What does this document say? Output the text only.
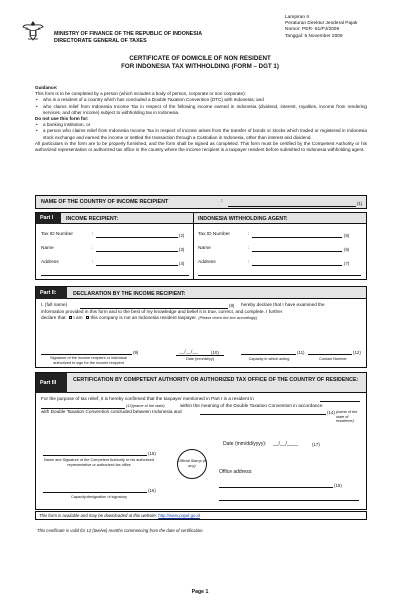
MINISTRY OF FINANCE OF THE REPUBLIC OF INDONESIA
DIRECTORATE GENERAL OF TAXES
Lampiran II
Peraturan Direktur Jenderal Pajak
Nomor: PER- 61/PJ/2009
Tanggal: 5 November 2009
CERTIFICATE OF DOMICILE OF NON RESIDENT
FOR INDONESIA TAX WITHHOLDING (FORM – DGT 1)
Guidance:

This form is to be completed by a person (which includes a body of person, corporate or non corporate):

• who is a resident of a country which has concluded a Double Taxation Convention (DTC) with Indonesia; and
• who claims relief from Indonesia Income Tax in respect of the following income earned in Indonesia (dividend, interest, royalties, income from rendering services, and other income) subject to withholding tax in Indonesia.
Do not use this form for:
• a banking institution, or
• a person who claims relief from Indonesia Income Tax in respect of income arises from the transfer of bonds or stocks which traded or registered in Indonesia stock exchange and earned the income or settled the transaction through a Custodian in Indonesia, other than interest and dividend.

All particulars in the form are to be properly furnished, and the form shall be signed as completed. This form must be certified by the Competent Authority or his authorized representative or authorized tax office in the country where the income recipient is a taxpayer resident before submitted to Indonesia withholding agent.

NAME OF THE COUNTRY OF INCOME RECIPIENT	:	(1)
Part I	INCOME RECIPIENT:	INDONESIA WITHHOLDING AGENT:
Tax ID Number	:	(2)
Name	:	(3)
Address	:	(4)
Tax ID Number	:	(5)
Name	:	(6)
Address	:	(7)
Part II:	DECLARATION BY THE INCOME RECIPIENT:
I, (full name)	(8) hereby declare that I have examined the
information provided in this form and to the best of my knowledge and belief it is true, correct, and complete. I further
declare that I am this company is not an Indonesia resident taxpayer. (Please check the box accordingly)
(9)
Signature of the income recipient or individual authorized to sign for the income recipient
__/__/__	(10)
Date (mm/dd/yy)
(11)
Capacity in which acting
(12)
Contact Number
Part III	CERTIFICATION BY COMPETENT AUTHORITY OR AUTHORIZED TAX OFFICE OF THE COUNTRY OF RESIDENCE:
For the purpose of tax relief, it is hereby confirmed that the taxpayer mentioned in Part I is a resident in
(13)(name of the state)	within the meaning of the Double Taxation Convention in accordance
with Double Taxation Convention concluded between Indonesia and	(14) (name of the state of residence).
Date (mm/dd/yyyy): __/__/____	(17)
(15)
Name and Signature of the Competent Authority or his authorized representative or authorized tax office
Official Stamp (if any)
Office address:
(18)
(16)
Capacity/designation of signatory
This form is available and may be downloaded at this website: http://www.pajak.go.id
This certificate is valid for 12 (twelve) months commencing from the date of certification.
Page 1
